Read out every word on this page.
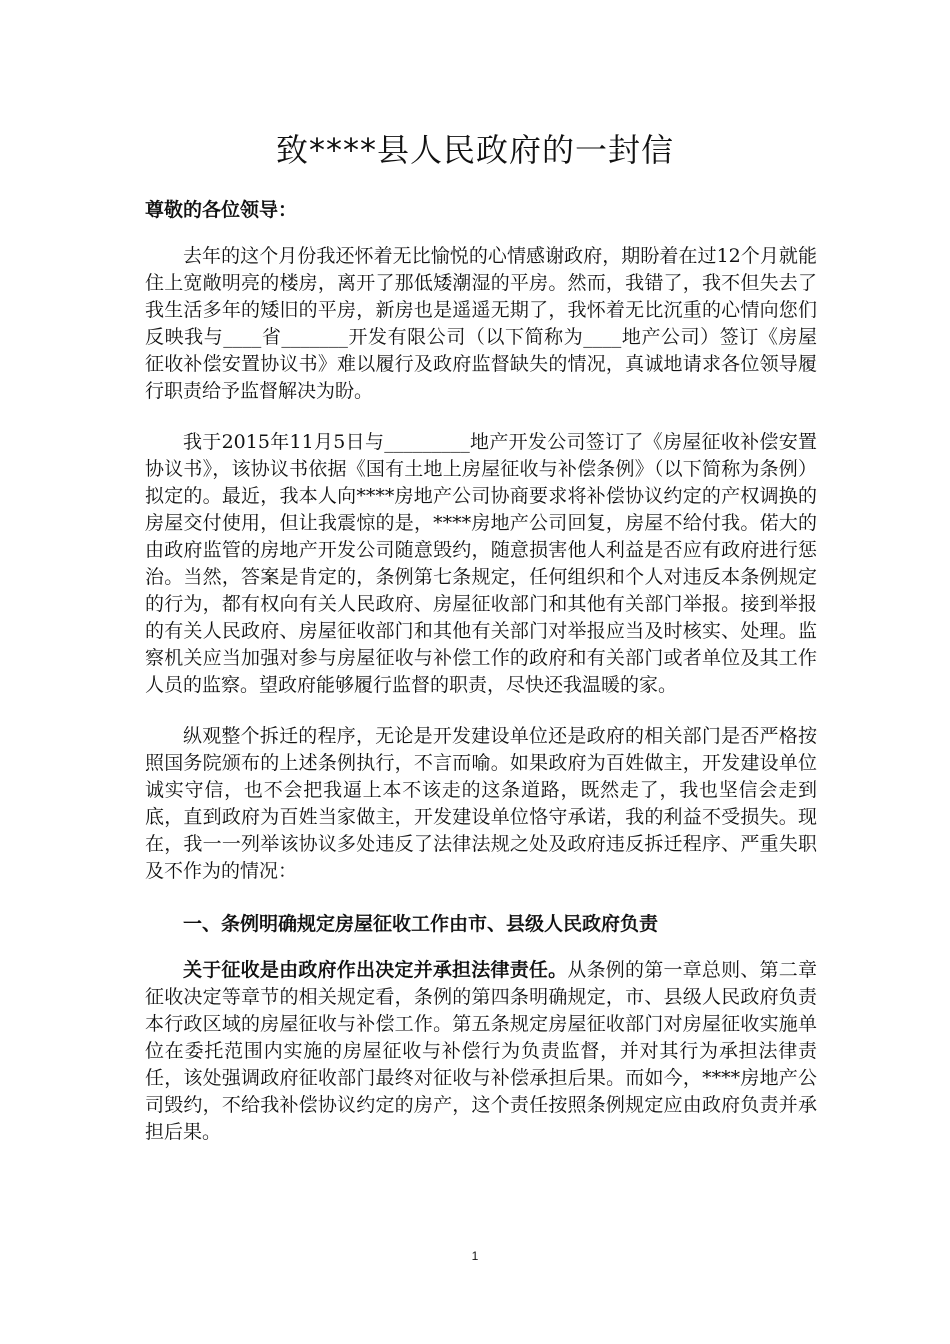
致****县人民政府的一封信

尊敬的各位领导：

去年的这个月份我还怀着无比愉悦的心情感谢政府，期盼着在过12个月就能住上宽敞明亮的楼房，离开了那低矮潮湿的平房。然而，我错了，我不但失去了我生活多年的矮旧的平房，新房也是遥遥无期了，我怀着无比沉重的心情向您们反映我与____省_______开发有限公司（以下简称为____地产公司）签订《房屋征收补偿安置协议书》难以履行及政府监督缺失的情况，真诚地请求各位领导履行职责给予监督解决为盼。

我于2015年11月5日与_________地产开发公司签订了《房屋征收补偿安置协议书》，该协议书依据《国有土地上房屋征收与补偿条例》（以下简称为条例）拟定的。最近，我本人向****房地产公司协商要求将补偿协议约定的产权调换的房屋交付使用，但让我震惊的是，****房地产公司回复，房屋不给付我。偌大的由政府监管的房地产开发公司随意毁约，随意损害他人利益是否应有政府进行惩治。当然，答案是肯定的，条例第七条规定，任何组织和个人对违反本条例规定的行为，都有权向有关人民政府、房屋征收部门和其他有关部门举报。接到举报的有关人民政府、房屋征收部门和其他有关部门对举报应当及时核实、处理。监察机关应当加强对参与房屋征收与补偿工作的政府和有关部门或者单位及其工作人员的监察。望政府能够履行监督的职责，尽快还我温暖的家。

纵观整个拆迁的程序，无论是开发建设单位还是政府的相关部门是否严格按照国务院颁布的上述条例执行，不言而喻。如果政府为百姓做主，开发建设单位诚实守信，也不会把我逼上本不该走的这条道路，既然走了，我也坚信会走到底，直到政府为百姓当家做主，开发建设单位恪守承诺，我的利益不受损失。现在，我一一列举该协议多处违反了法律法规之处及政府违反拆迁程序、严重失职及不作为的情况：

一、条例明确规定房屋征收工作由市、县级人民政府负责

关于征收是由政府作出决定并承担法律责任。从条例的第一章总则、第二章征收决定等章节的相关规定看，条例的第四条明确规定，市、县级人民政府负责本行政区域的房屋征收与补偿工作。第五条规定房屋征收部门对房屋征收实施单位在委托范围内实施的房屋征收与补偿行为负责监督，并对其行为承担法律责任，该处强调政府征收部门最终对征收与补偿承担后果。而如今，****房地产公司毁约，不给我补偿协议约定的房产，这个责任按照条例规定应由政府负责并承担后果。

1
